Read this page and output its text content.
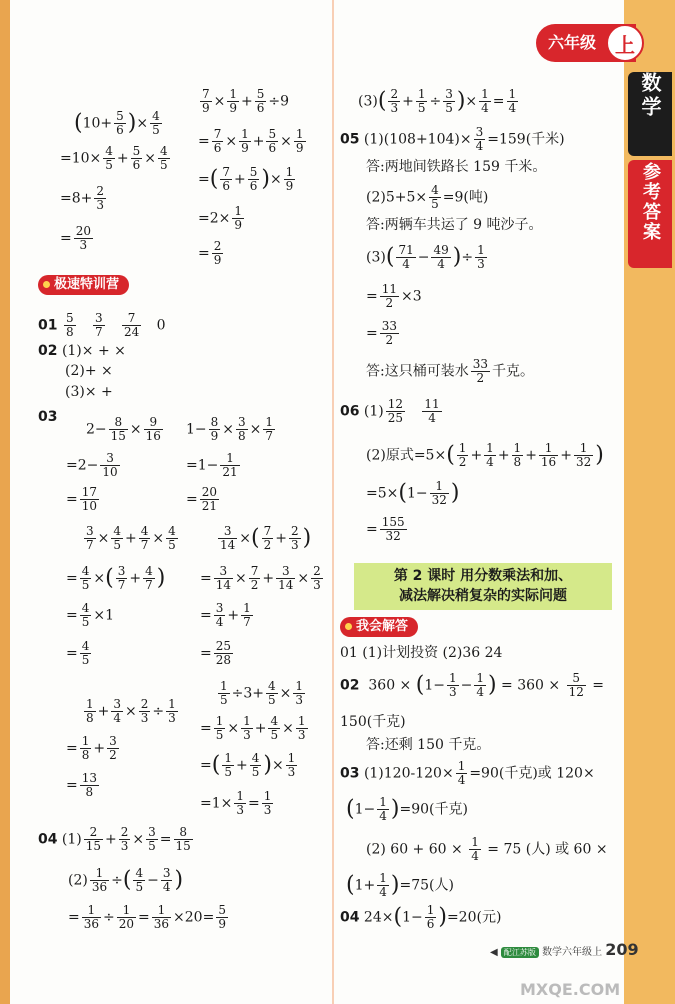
六年级 上
数学
参考答案
($10+ \frac{5}{6}$ )× $\frac{4}{5}$
$=10\times \frac{4}{5} + \frac{5}{6} \times \frac{4}{5}$
$=8+ \frac{2}{3}$
= $\frac{20}{3}$
$\frac{7}{9} \times \frac{1}{9} + \frac{5}{6} \div 9$
= $\frac{7}{6} \times \frac{1}{9} + \frac{5}{6} \times \frac{1}{9}$
=( $\frac{7}{6} + \frac{5}{6}$ )× $\frac{1}{9}$
$=2\times \frac{1}{9}$
= $\frac{2}{9}$
极速特训营
$01 \frac{5}{8}$
$\frac{3}{7}$
$\frac{7}{24} 0$
02 (1)× + ×
(2)+ ×
(3)× +
03
$2- \frac{8}{15} \times \frac{9}{16}$
$=2- \frac{3}{10}$
= $\frac{17}{10}$
$1- \frac{8}{9} \times \frac{3}{8} \times \frac{1}{7}$
$=1- \frac{1}{21}$
= $\frac{20}{21}$
$\frac{3}{7} \times \frac{4}{5} + \frac{4}{7} \times \frac{4}{5}$
= $\frac{4}{5}$ ×( $\frac{3}{7} + \frac{4}{7}$ )
= $\frac{4}{5} \times 1$
= $\frac{4}{5}$
$\frac{3}{14}$ ×( $\frac{7}{2} + \frac{2}{3}$ )
= $\frac{3}{14} \times \frac{7}{2} + \frac{3}{14} \times \frac{2}{3}$
= $\frac{3}{4} + \frac{1}{7}$
= $\frac{25}{28}$
$\frac{1}{8} + \frac{3}{4} \times \frac{2}{3} \div \frac{1}{3}$
= $\frac{1}{8} + \frac{3}{2}$
= $\frac{13}{8}$
$\frac{1}{5} \div 3+ \frac{4}{5} \times \frac{1}{3}$
= $\frac{1}{5} \times \frac{1}{3} + \frac{4}{5} \times \frac{1}{3}$
=( $\frac{1}{5} + \frac{4}{5}$ )× $\frac{1}{3}$
$=1\times \frac{1}{3} = \frac{1}{3}$
04 $(1) \frac{2}{15} + \frac{2}{3} \times \frac{3}{5} = \frac{8}{15}$
$(2) \frac{1}{36}$ ÷( $\frac{4}{5} - \frac{3}{4}$ )
= $\frac{1}{36} \div \frac{1}{20} = \frac{1}{36} \times 20= \frac{5}{9}$
$(3)( \frac{2}{3} + \frac{1}{5} \div \frac{3}{5}$ )× $\frac{1}{4} = \frac{1}{4}$
05 $(1)(108+104)\times \frac{3}{4} =159$(千米)
答:两地间铁路长 159 千米。
$(2)5+5\times \frac{4}{5} =9$(吨)
答:两辆车共运了 9 吨沙子。
$(3)( \frac{71}{4} - \frac{49}{4}$ )÷ $\frac{1}{3}$
= $\frac{11}{2} \times 3$
= $\frac{33}{2}$
答:这只桶可装水 $\frac{33}{2}$ 千克。
06 $(1) \frac{12}{25}$
$\frac{11}{4}$
(2)原式$=5\times( \frac{1}{2} + \frac{1}{4} + \frac{1}{8} + \frac{1}{16} + \frac{1}{32}$ )
$=5\times(1- \frac{1}{32}$ )
= $\frac{155}{32}$
第 2 课时 用分数乘法和加、
减法解决稍复杂的实际问题
我会解答
01 (1)计划投资 (2)36 24
02  $360 \times (1- \frac{1}{3} - \frac{1}{4}$ ) = $360 \times \frac{5}{12}$ =
150(千克)
答:还剩 150 千克。
03 $(1)120-120\times \frac{1}{4} =90$(千克)或 120×
$(1- \frac{1}{4} )=90$(千克)
(2) $60 + 60 \times \frac{1}{4} = 75$ (人) 或 60 ×
$(1+ \frac{1}{4} )=75$(人)
04 $24\times(1- \frac{1}{6} )=20$(元)
◀ 配江苏版 数学六年级上 209
MXQE.COM
